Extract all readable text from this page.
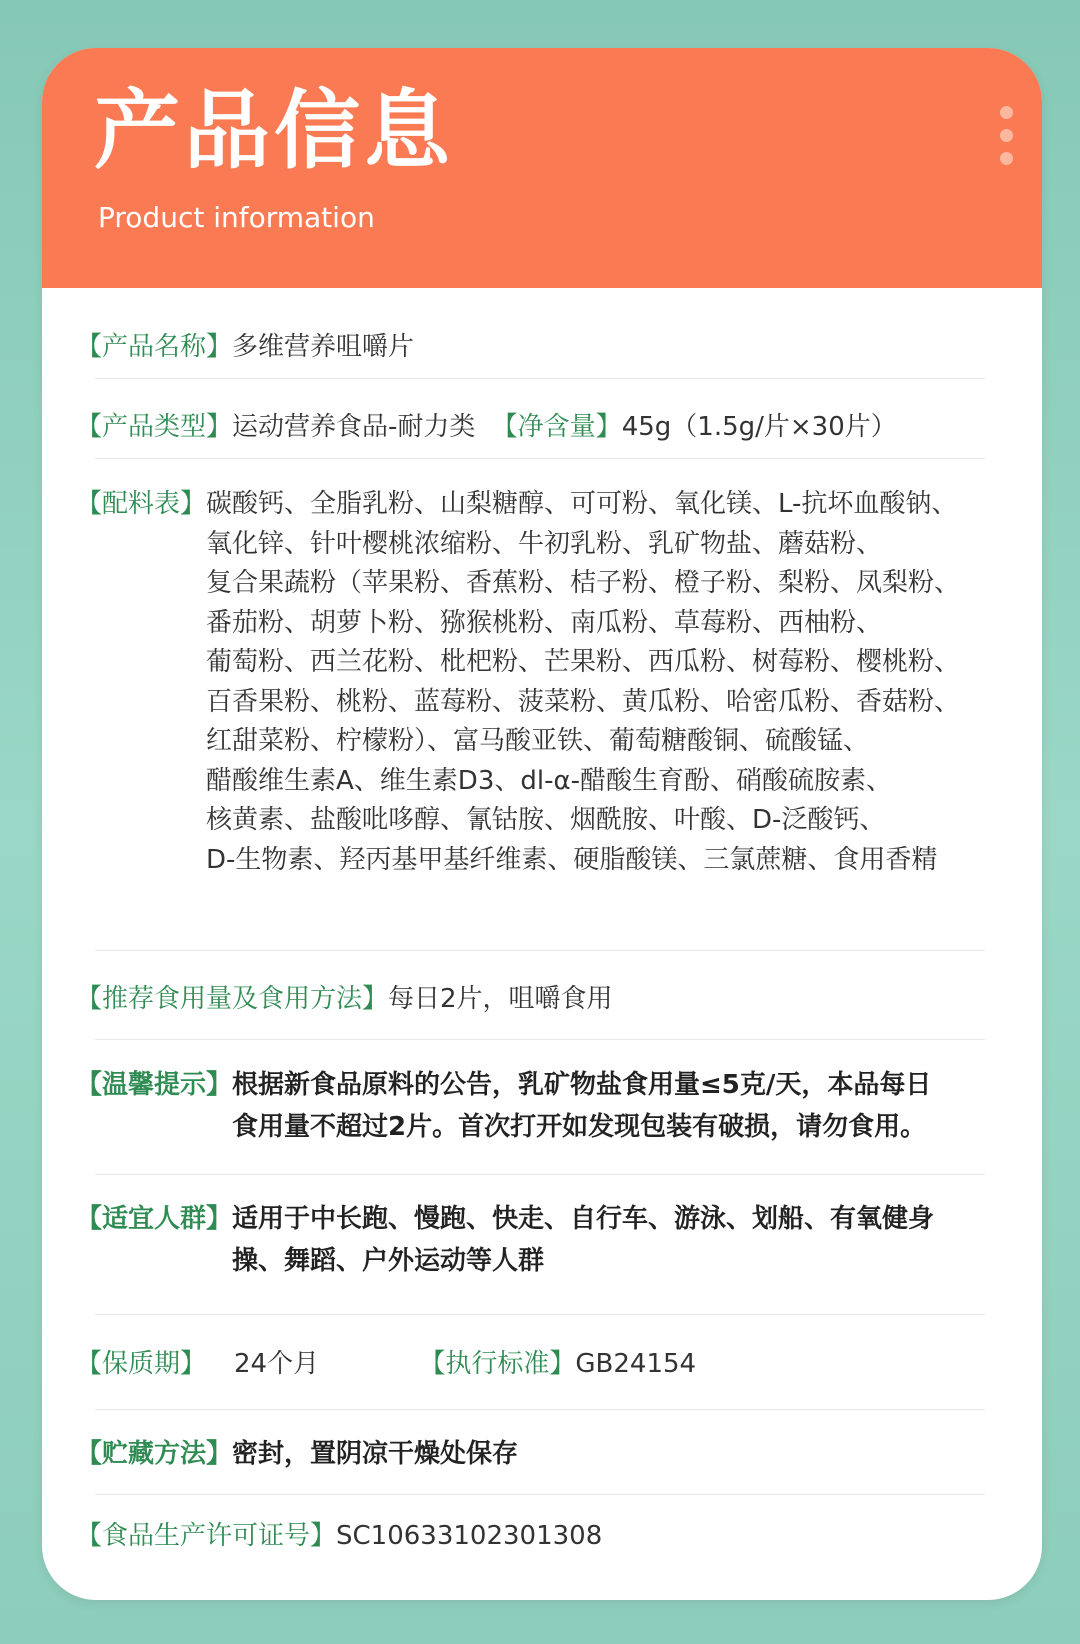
产品信息
Product information
【产品名称】多维营养咀嚼片
【产品类型】运动营养食品-耐力类 【净含量】45g（1.5g/片×30片）
【配料表】 碳酸钙、全脂乳粉、山梨糖醇、可可粉、氧化镁、L-抗坏血酸钠、
氧化锌、针叶樱桃浓缩粉、牛初乳粉、乳矿物盐、蘑菇粉、
复合果蔬粉（苹果粉、香蕉粉、桔子粉、橙子粉、梨粉、凤梨粉、
番茄粉、胡萝卜粉、猕猴桃粉、南瓜粉、草莓粉、西柚粉、
葡萄粉、西兰花粉、枇杷粉、芒果粉、西瓜粉、树莓粉、樱桃粉、
百香果粉、桃粉、蓝莓粉、菠菜粉、黄瓜粉、哈密瓜粉、香菇粉、
红甜菜粉、柠檬粉）、富马酸亚铁、葡萄糖酸铜、硫酸锰、
醋酸维生素A、维生素D3、dl-α-醋酸生育酚、硝酸硫胺素、
核黄素、盐酸吡哆醇、氰钴胺、烟酰胺、叶酸、D-泛酸钙、
D-生物素、羟丙基甲基纤维素、硬脂酸镁、三氯蔗糖、食用香精
【推荐食用量及食用方法】每日2片，咀嚼食用
【温馨提示】 根据新食品原料的公告，乳矿物盐食用量≤5克/天，本品每日
食用量不超过2片。首次打开如发现包装有破损，请勿食用。
【适宜人群】 适用于中长跑、慢跑、快走、自行车、游泳、划船、有氧健身
操、舞蹈、户外运动等人群
【保质期】 24个月	【执行标准】GB24154
【贮藏方法】密封，置阴凉干燥处保存
【食品生产许可证号】SC10633102301308
